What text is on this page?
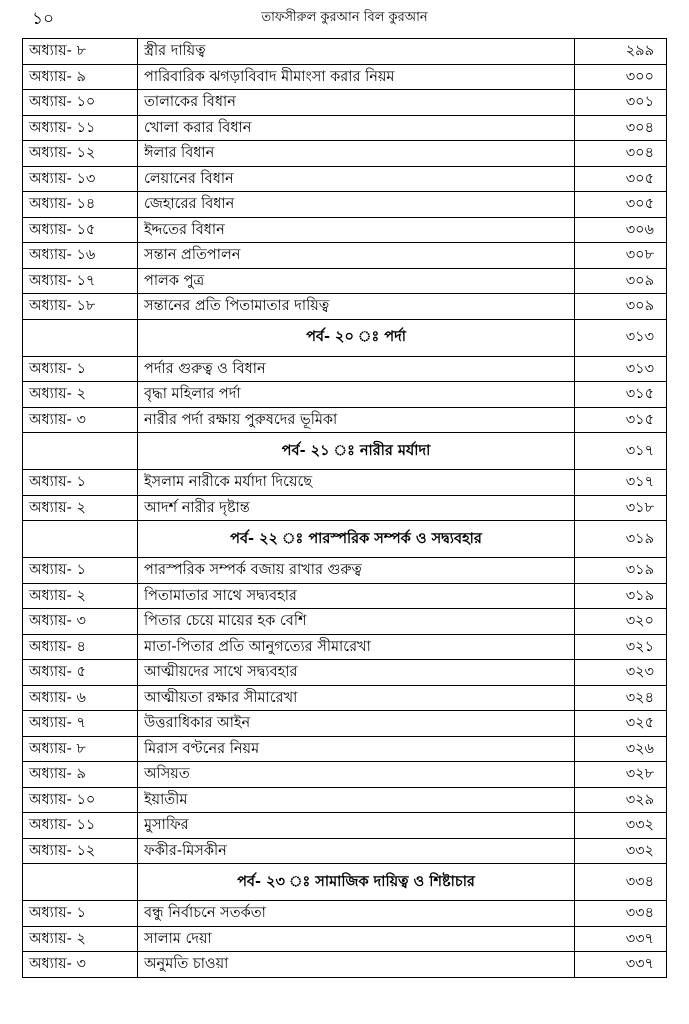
১০	তাফসীরুল কুরআন বিল কুরআন
অধ্যায়- ৮	স্ত্রীর দায়িত্ব	২৯৯
অধ্যায়- ৯	পারিবারিক ঝগড়াবিবাদ মীমাংসা করার নিয়ম	৩০০
অধ্যায়- ১০	তালাকের বিধান	৩০১
অধ্যায়- ১১	খোলা করার বিধান	৩০৪
অধ্যায়- ১২	ঈলার বিধান	৩০৪
অধ্যায়- ১৩	লেয়ানের বিধান	৩০৫
অধ্যায়- ১৪	জেহারের বিধান	৩০৫
অধ্যায়- ১৫	ইদ্দতের বিধান	৩০৬
অধ্যায়- ১৬	সন্তান প্রতিপালন	৩০৮
অধ্যায়- ১৭	পালক পুত্র	৩০৯
অধ্যায়- ১৮	সন্তানের প্রতি পিতামাতার দায়িত্ব	৩০৯
	পর্ব- ২০ ঃ পর্দা	৩১৩
অধ্যায়- ১	পর্দার গুরুত্ব ও বিধান	৩১৩
অধ্যায়- ২	বৃদ্ধা মহিলার পর্দা	৩১৫
অধ্যায়- ৩	নারীর পর্দা রক্ষায় পুরুষদের ভূমিকা	৩১৫
	পর্ব- ২১ ঃ নারীর মর্যাদা	৩১৭
অধ্যায়- ১	ইসলাম নারীকে মর্যাদা দিয়েছে	৩১৭
অধ্যায়- ২	আদর্শ নারীর দৃষ্টান্ত	৩১৮
	পর্ব- ২২ ঃ পারস্পরিক সম্পর্ক ও সদ্ব্যবহার	৩১৯
অধ্যায়- ১	পারস্পরিক সম্পর্ক বজায় রাখার গুরুত্ব	৩১৯
অধ্যায়- ২	পিতামাতার সাথে সদ্ব্যবহার	৩১৯
অধ্যায়- ৩	পিতার চেয়ে মায়ের হক বেশি	৩২০
অধ্যায়- ৪	মাতা-পিতার প্রতি আনুগত্যের সীমারেখা	৩২১
অধ্যায়- ৫	আত্মীয়দের সাথে সদ্ব্যবহার	৩২৩
অধ্যায়- ৬	আত্মীয়তা রক্ষার সীমারেখা	৩২৪
অধ্যায়- ৭	উত্তরাধিকার আইন	৩২৫
অধ্যায়- ৮	মিরাস বণ্টনের নিয়ম	৩২৬
অধ্যায়- ৯	অসিয়ত	৩২৮
অধ্যায়- ১০	ইয়াতীম	৩২৯
অধ্যায়- ১১	মুসাফির	৩৩২
অধ্যায়- ১২	ফকীর-মিসকীন	৩৩২
	পর্ব- ২৩ ঃ সামাজিক দায়িত্ব ও শিষ্টাচার	৩৩৪
অধ্যায়- ১	বন্ধু নির্বাচনে সতর্কতা	৩৩৪
অধ্যায়- ২	সালাম দেয়া	৩৩৭
অধ্যায়- ৩	অনুমতি চাওয়া	৩৩৭
